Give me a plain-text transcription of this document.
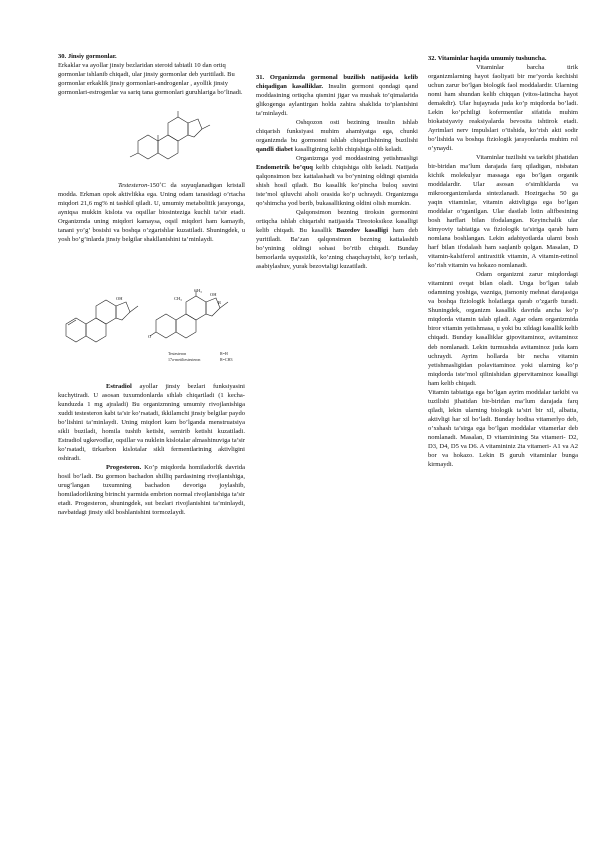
30. Jinsiy gormonlar.

Erkaklar va ayollar jinsiy bezlaridan steroid tabiatli 10 dan ortiq gormonlar ishlanib chiqadi, ular jinsiy gormonlar deb yuritiladi. Bu gormonlar erkaklik jinsiy gormonlari-androgenlar , ayollik jinsiy gormonlari-estrogenlar va sariq tana gormonlari guruhlariga bo’linadi.

Testesteron-150˚C da suyuqlanadigan kristall modda. Erkman opok aktivlikka ega. Uning odam tarasidagi o’rtacha miqdori 21,6 mg% ni tashkil qiladi. U, umumiy metabolitik jarayonga, ayniqsa mukkin kislota va oqsillar biosinteziga kuchli ta’sir etadi. Organizmda uning miqdori kamaysa, oqsil miqdori ham kamayib, tanani yo’g’ bosishi va boshqa o’zgarishlar kuzatiladi. Shuningdek, u yosh bo’g’inlarda jinsiy belgilar shakllanishini ta’minlaydi.

OH
OH
R
CH₃
CH₃
O
Testesteron	R=H
17a-metiltestesteron	R=CH3

Estradiol ayollar jinsiy bezlari funksiyasini kuchytiradi. U asosan tuxumdonlarda sihlab chiqariladi (1 kecha-kunduzda 1 mg ajraladi) Bu organizmning umumiy rivojlanishiga xuddi testesteron kabi ta’sir ko’rsatadi, ikkilamchi jinsiy belgilar paydo bo’lishini ta’minlaydi. Uning miqdori kam bo’lganda menstruatsiya sikli buziladi, homila tushib ketishi, semirib ketishi kuzatiladi. Estradiol ugkevodlar, oqsillar va nuklein kislotalar almashinuviga ta’sir ko’rsatadi, tirkarbon kislotalar sikli fermentlarining aktivligini oshiradi.

Progesteron. Ko’p miqdorda homiladorlik davrida hosil bo’ladi. Bu gormon bachadon shilliq pardasining rivojlanishiga, urug’langan tuxumning bachadon devoriga joylashib, homiladorlikning birinchi yarmida embrion normal rivojlanishiga ta’sir etadi. Progesteron, shuningdek, sut bezlari rivojlanishini ta’minlaydi, navbatdagi jinsiy sikl boshlanishini tormozlaydi.

31. Organizmda gormonal buzilish natijasida kelib chiqadigan kasalliklar. Insulin gormoni qondagi qand moddasining ortiqcha qismini jigar va mushak to’qimalarida glikogenga aylantirgan holda zahira shaklida to’planishini ta’minlaydi.

Oshqozon osti bezining insulin ishlab chiqarish funksiyasi muhim ahamiyatga ega, chunki organizmda bu gormonni ishlab chiqarilishining buzilishi qandli diabet kasalligining kelib chiqishiga olib keladi.

Organizmga yod moddasining yetishmasligi Endometrik bo’quq kelib chiqishiga olib keladi. Natijada qalqonsimon bez kattalashadi va bo’ynining oldingi qismida shish hosil qiladi. Bu kasallik ko’pincha buloq suvini iste’mol qiluvchi aholi orasida ko’p uchraydi. Organizmga qo’shimcha yod berib, bukasallikning oldini olish mumkin.

Qalqonsimon bezning tiroksin gormonini ortiqcha ishlab chiqarishi natijasida Tireotoksikoz kasalligi kelib chiqadi. Bu kasallik Bazedov kasalligi ham deb yuritiladi. Ba’zan qalqonsimon bezning kattalashib bo’ynining oldingi sohasi bo’rtib chiqadi. Bunday bemorlarda uyqusizlik, ko’zning chaqchayishi, ko’p terlash, asabiylashuv, yurak bezovtaligi kuzatiladi.

32. Vitaminlar haqida umumiy tushuncha.

Vitaminlar barcha tirik organizmlarning hayot faoliyati bir me’yorda kechishi uchun zarur bo’lgan biologik faol moddalardir. Ularning nomi ham shundan kelib chiqqan (vitos-latincha hayot demakdir). Ular hujayrada juda ko’p miqdorda bo’ladi. Lekin ko’pchiligi kofermentlar sifatida muhim biokatsiyaviy reaksiyalarda bevosita ishtirok etadi. Ayrimlari nerv impulslari o’tishida, ko’rish akti sodir bo’lishida va boshqa fiziologik jarayonlarda muhim rol o’ynaydi.

Vitaminlar tuzilishi va tarkibi jihatidan bir-biridan ma’lum darajada farq qiladigan, nisbatan kichik molekulyar massaga ega bo’lgan organik moddalardir. Ular asosan o’simliklarda va mikroorganizmlarda sintezlanadi. Hozirgacha 50 ga yaqin vitaminlar, vitamin aktivligiga ega bo’lgan moddalar o’rganilgan. Ular dastlab lotin alifbesining bosh harflari bilan ifodalangan. Keyinchalik ular kimyoviy tabiatiga va fiziologik ta’siriga qarab ham nomlana boshlangan. Lekin adabiyotlarda ularni bosh harf bilan ifodalash ham saqlanib qolgan. Masalan, D vitamin-kalsiferol antiraxitik vitamin, A vitamin-retinol ko’rish vitamin va hokazo nomlanadi.

Odam organizmi zarur miqdordagi vitaminni ovqat bilan oladi. Unga bo’lgan talab odamning yoshiga, vazniga, jismoniy mehnat darajasiga va boshqa fiziologik holatlarga qarab o’zgarib turadi. Shuningdek, organizm kasallik davrida ancha ko’p miqdorda vitamin talab qiladi. Agar odam organizmida biror vitamin yetishmasa, u yoki bu xildagi kasallik kelib chiqadi. Bunday kasalliklar gipovitaminoz, avitaminoz deb nomlanadi. Lekin turmushda avitaminoz juda kam uchraydi. Ayrim hollarda bir necha vitamin yetishmasligidan polavitaminoz yoki ularning ko’p miqdorda iste’mol qilinishidan gipervitaminoz kasalligi ham kelib chiqadi.

Vitamin tabiatiga ega bo’lgan ayrim moddalar tarkibi va tuzilishi jihatidan bir-biridan ma’lum darajada farq qiladi, lekin ularning biologik ta’siri bir xil, albatta, aktivligi har xil bo’ladi. Bunday hodisa vitamerlyo deb, o’xshash ta’sirga ega bo’lgan moddalar vitamerlar deb nomlanadi. Masalan, D vitaminining 5ta vitameri- D2, D3, D4, D5 va D6. A vitamininiz 2ta vitameri- A1 va A2 bor va hokazo. Lekin B guruh vitaminlar bunga kirmaydi.
